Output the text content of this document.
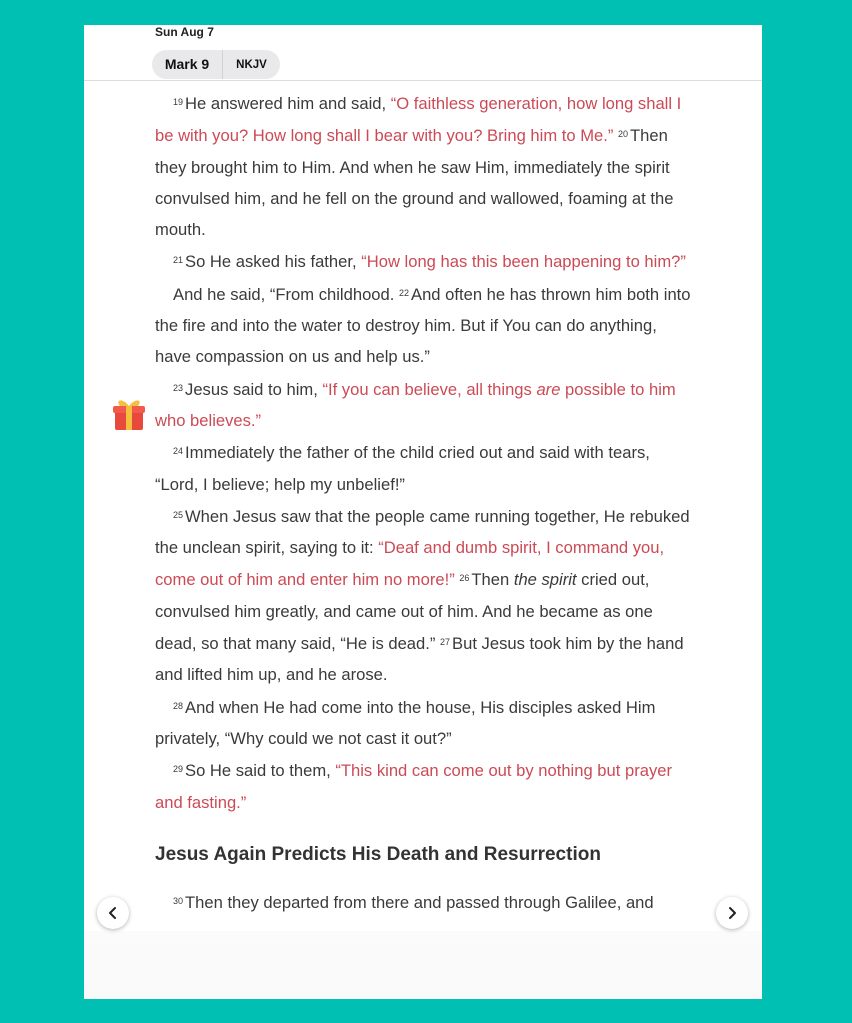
Sun Aug 7
Mark 9	NKJV

$^{19}$ He answered him and said, “O faithless generation, how long shall I be with you? How long shall I bear with you? Bring him to Me.” $^{20}$ Then they brought him to Him. And when he saw Him, immediately the spirit convulsed him, and he fell on the ground and wallowed, foaming at the mouth.

$^{21}$ So He asked his father, “How long has this been happening to him?”

And he said, “From childhood. $^{22}$ And often he has thrown him both into the fire and into the water to destroy him. But if You can do anything, have compassion on us and help us.”

$^{23}$ Jesus said to him, “If you can believe, all things are possible to him who believes.”

$^{24}$ Immediately the father of the child cried out and said with tears, “Lord, I believe; help my unbelief!”

$^{25}$ When Jesus saw that the people came running together, He rebuked the unclean spirit, saying to it: “Deaf and dumb spirit, I command you, come out of him and enter him no more!” $^{26}$ Then the spirit cried out, convulsed him greatly, and came out of him. And he became as one dead, so that many said, “He is dead.” $^{27}$ But Jesus took him by the hand and lifted him up, and he arose.

$^{28}$ And when He had come into the house, His disciples asked Him privately, “Why could we not cast it out?”

$^{29}$ So He said to them, “This kind can come out by nothing but prayer and fasting.”

Jesus Again Predicts His Death and Resurrection

$^{30}$ Then they departed from there and passed through Galilee, and
